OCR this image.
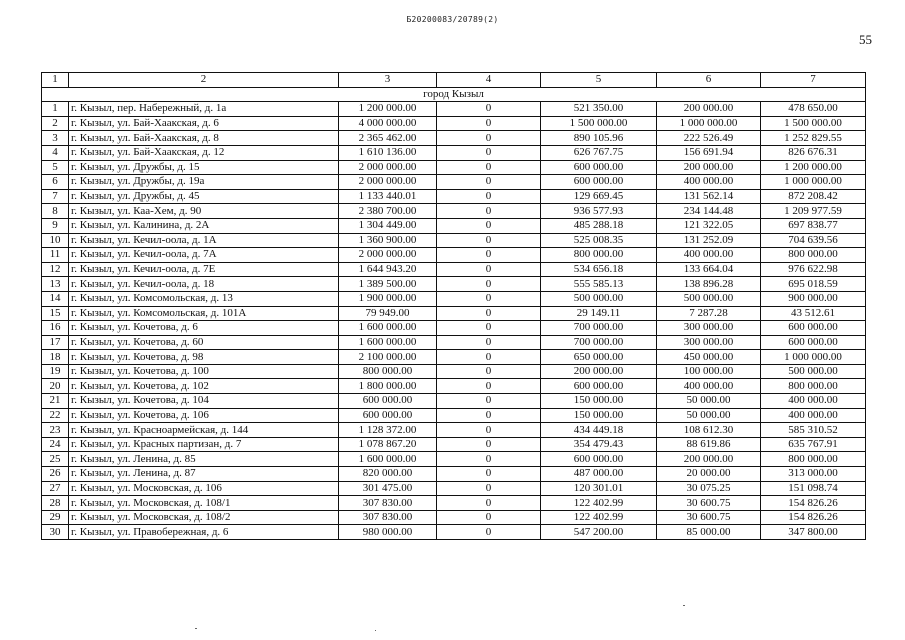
Б20200083/20789(2)
55
1	2	3	4	5	6	7
город Кызыл						
1	г. Кызыл, пер. Набережный, д. 1а	1 200 000.00	0	521 350.00	200 000.00	478 650.00
2	г. Кызыл, ул. Бай-Хаакская, д. 6	4 000 000.00	0	1 500 000.00	1 000 000.00	1 500 000.00
3	г. Кызыл, ул. Бай-Хаакская, д. 8	2 365 462.00	0	890 105.96	222 526.49	1 252 829.55
4	г. Кызыл, ул. Бай-Хаакская, д. 12	1 610 136.00	0	626 767.75	156 691.94	826 676.31
5	г. Кызыл, ул. Дружбы, д. 15	2 000 000.00	0	600 000.00	200 000.00	1 200 000.00
6	г. Кызыл, ул. Дружбы, д. 19а	2 000 000.00	0	600 000.00	400 000.00	1 000 000.00
7	г. Кызыл, ул. Дружбы, д. 45	1 133 440.01	0	129 669.45	131 562.14	872 208.42
8	г. Кызыл, ул. Каа-Хем, д. 90	2 380 700.00	0	936 577.93	234 144.48	1 209 977.59
9	г. Кызыл, ул. Калинина, д. 2А	1 304 449.00	0	485 288.18	121 322.05	697 838.77
10	г. Кызыл, ул. Кечил-оола, д. 1А	1 360 900.00	0	525 008.35	131 252.09	704 639.56
11	г. Кызыл, ул. Кечил-оола, д. 7А	2 000 000.00	0	800 000.00	400 000.00	800 000.00
12	г. Кызыл, ул. Кечил-оола, д. 7Е	1 644 943.20	0	534 656.18	133 664.04	976 622.98
13	г. Кызыл, ул. Кечил-оола, д. 18	1 389 500.00	0	555 585.13	138 896.28	695 018.59
14	г. Кызыл, ул. Комсомольская, д. 13	1 900 000.00	0	500 000.00	500 000.00	900 000.00
15	г. Кызыл, ул. Комсомольская, д. 101А	79 949.00	0	29 149.11	7 287.28	43 512.61
16	г. Кызыл, ул. Кочетова, д. 6	1 600 000.00	0	700 000.00	300 000.00	600 000.00
17	г. Кызыл, ул. Кочетова, д. 60	1 600 000.00	0	700 000.00	300 000.00	600 000.00
18	г. Кызыл, ул. Кочетова, д. 98	2 100 000.00	0	650 000.00	450 000.00	1 000 000.00
19	г. Кызыл, ул. Кочетова, д. 100	800 000.00	0	200 000.00	100 000.00	500 000.00
20	г. Кызыл, ул. Кочетова, д. 102	1 800 000.00	0	600 000.00	400 000.00	800 000.00
21	г. Кызыл, ул. Кочетова, д. 104	600 000.00	0	150 000.00	50 000.00	400 000.00
22	г. Кызыл, ул. Кочетова, д. 106	600 000.00	0	150 000.00	50 000.00	400 000.00
23	г. Кызыл, ул. Красноармейская, д. 144	1 128 372.00	0	434 449.18	108 612.30	585 310.52
24	г. Кызыл, ул. Красных партизан, д. 7	1 078 867.20	0	354 479.43	88 619.86	635 767.91
25	г. Кызыл, ул. Ленина, д. 85	1 600 000.00	0	600 000.00	200 000.00	800 000.00
26	г. Кызыл, ул. Ленина, д. 87	820 000.00	0	487 000.00	20 000.00	313 000.00
27	г. Кызыл, ул. Московская, д. 106	301 475.00	0	120 301.01	30 075.25	151 098.74
28	г. Кызыл, ул. Московская, д. 108/1	307 830.00	0	122 402.99	30 600.75	154 826.26
29	г. Кызыл, ул. Московская, д. 108/2	307 830.00	0	122 402.99	30 600.75	154 826.26
30	г. Кызыл, ул. Правобережная, д. 6	980 000.00	0	547 200.00	85 000.00	347 800.00
